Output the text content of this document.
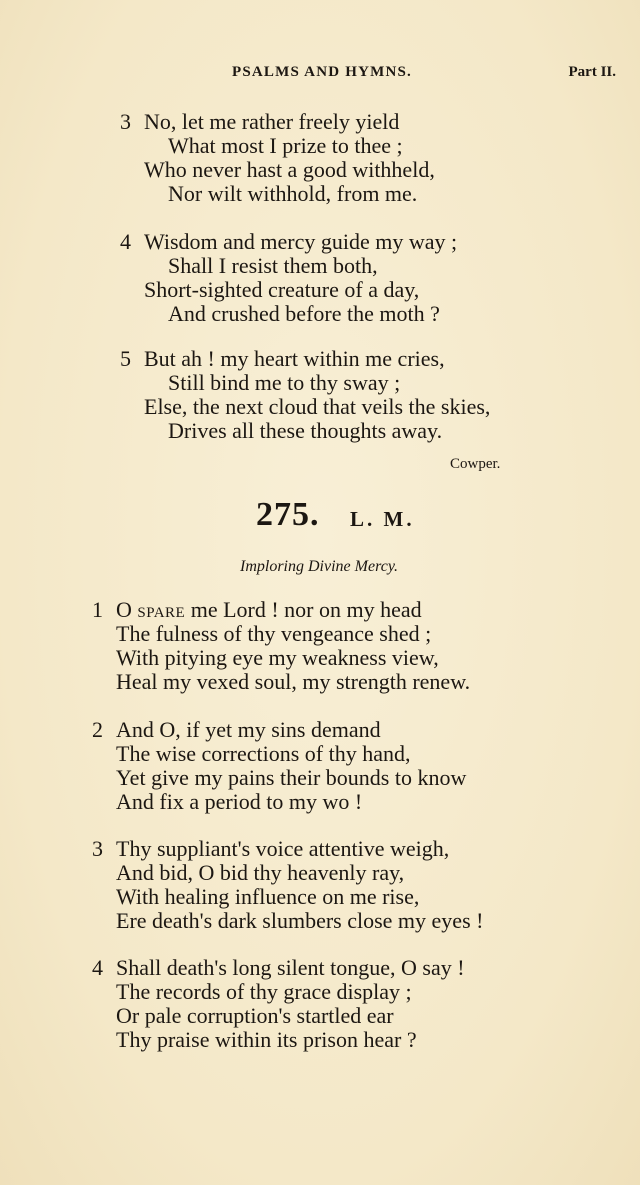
PSALMS AND HYMNS.	Part II.
3 No, let me rather freely yield
What most I prize to thee ;
Who never hast a good withheld,
Nor wilt withhold, from me.
4 Wisdom and mercy guide my way ;
Shall I resist them both,
Short-sighted creature of a day,
And crushed before the moth ?
5 But ah ! my heart within me cries,
Still bind me to thy sway ;
Else, the next cloud that veils the skies,
Drives all these thoughts away.
Cowper.
275. L. M.
Imploring Divine Mercy.
1 O spare me Lord ! nor on my head
The fulness of thy vengeance shed ;
With pitying eye my weakness view,
Heal my vexed soul, my strength renew.
2 And O, if yet my sins demand
The wise corrections of thy hand,
Yet give my pains their bounds to know
And fix a period to my wo !
3 Thy suppliant's voice attentive weigh,
And bid, O bid thy heavenly ray,
With healing influence on me rise,
Ere death's dark slumbers close my eyes !
4 Shall death's long silent tongue, O say !
The records of thy grace display ;
Or pale corruption's startled ear
Thy praise within its prison hear ?
